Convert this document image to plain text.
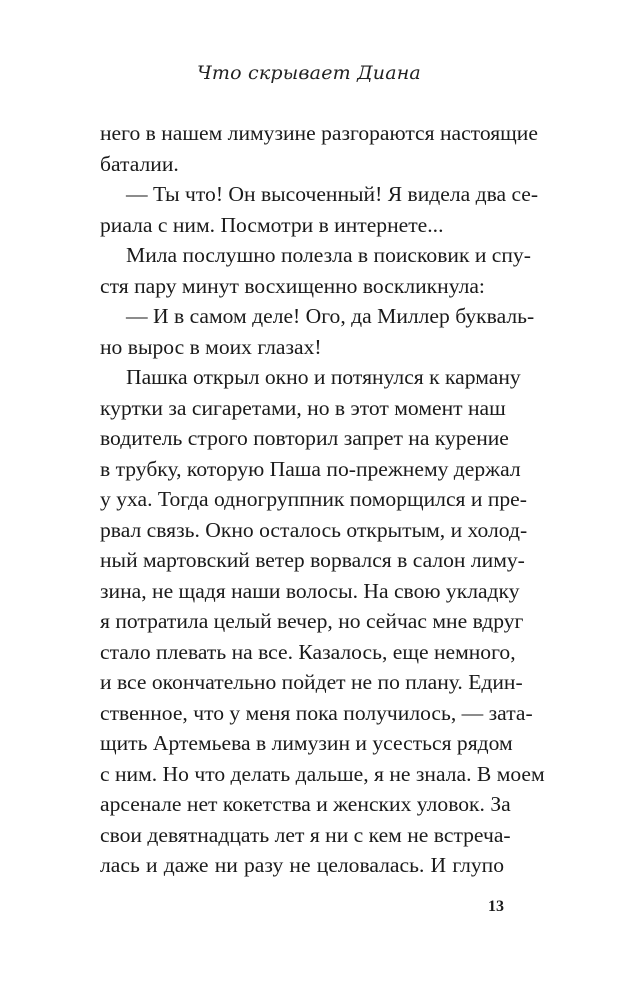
Что скрывает Диана
него в нашем лимузине разгораются настоящие
баталии.
— Ты что! Он высоченный! Я видела два се-
риала с ним. Посмотри в интернете...
Мила послушно полезла в поисковик и спу-
стя пару минут восхищенно воскликнула:
— И в самом деле! Ого, да Миллер букваль-
но вырос в моих глазах!
Пашка открыл окно и потянулся к карману
куртки за сигаретами, но в этот момент наш
водитель строго повторил запрет на курение
в трубку, которую Паша по-прежнему держал
у уха. Тогда одногруппник поморщился и пре-
рвал связь. Окно осталось открытым, и холод-
ный мартовский ветер ворвался в салон лиму-
зина, не щадя наши волосы. На свою укладку
я потратила целый вечер, но сейчас мне вдруг
стало плевать на все. Казалось, еще немного,
и все окончательно пойдет не по плану. Един-
ственное, что у меня пока получилось, — зата-
щить Артемьева в лимузин и усесться рядом
с ним. Но что делать дальше, я не знала. В моем
арсенале нет кокетства и женских уловок. За
свои девятнадцать лет я ни с кем не встреча-
лась и даже ни разу не целовалась. И глупо
13
